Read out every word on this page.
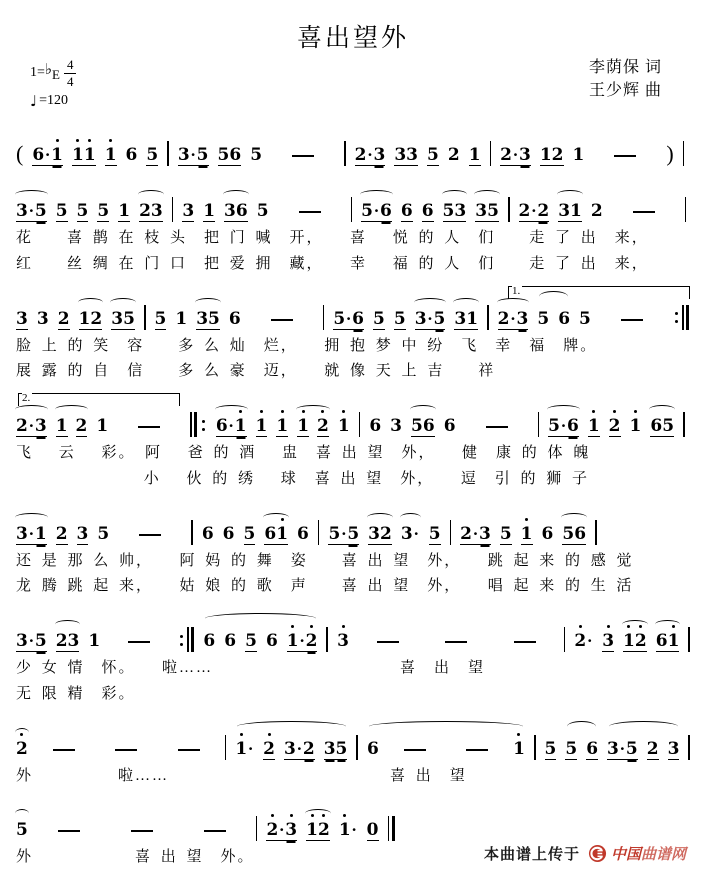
喜出望外
1= ♭ E $\frac{4}{4}$
♩ =120
李荫保 词
王少辉 曲
( 6 · 1 1 1 1 6 5 3 · 5 5 6 5	2 · 3 3 3 5 2 1 2 · 3 1 2 1	)
3 · 5 5 5 5 1 2 3 3 1 3 6 5	5 · 6 6 6 5 3 3 5 2 · 2 3 1 2
花　　喜 鹊 在 枝 头　把 门 喊　开，　　喜　 悦 的 人　们　　走 了 出　来，
红　　丝 绸 在 门 口　把 爱 拥　藏，　　幸　 福 的 人　们　　走 了 出　来，
3 3 2 1 2 3 5 5 1 3 5 6	5 · 6 5 5 3 · 5 3 1 2 · 3 5 6 5
1.
脸 上 的 笑　容　　多 么 灿　烂，　　拥 抱 梦 中 纷　飞　幸　福　牌。
展 露 的 自　信　　多 么 豪　迈，　　就 像 天 上 吉　　祥
2 · 3 1 2 1	6 · 1 1 1 1 2 1 6 3 5 6 6	5 · 6 1 2 1 6 5
2.
飞　 云　 彩。　阿　 爸 的 酒　 盅　喜 出 望　外，　　健　康 的 体 魄
　　　　　　　 小　 伙 的 绣　 球　喜 出 望　外，　　逗　引 的 狮 子
3 · 1 2 3 5	6 6 5 6 1 6 5 · 5 3 2 3 · 5 2 · 3 5 1 6 5 6
还 是 那 么 帅，　　阿 妈 的 舞　姿　　喜 出 望　外，　　跳 起 来 的 感 觉
龙 腾 跳 起 来，　　姑 娘 的 歌　声　　喜 出 望　外，　　唱 起 来 的 生 活
3 · 5 2 3 1	6 6 5 6 1 · 2 3	2 · 3 1 2 6 1
少 女 情　怀。　　啦……　　　　　　　　　　　喜　出　望
无 限 精　彩。
2	1 · 2 3 · 2 3 5 6	1 5 5 6 3 · 5 2 3
外　　　　　啦……　　　　　　　　　　　　　喜 出　望
5	2 · 3 1 2 1 · 0
外　　　　　　喜 出 望　外。	本曲谱上传于 中国 曲谱网
